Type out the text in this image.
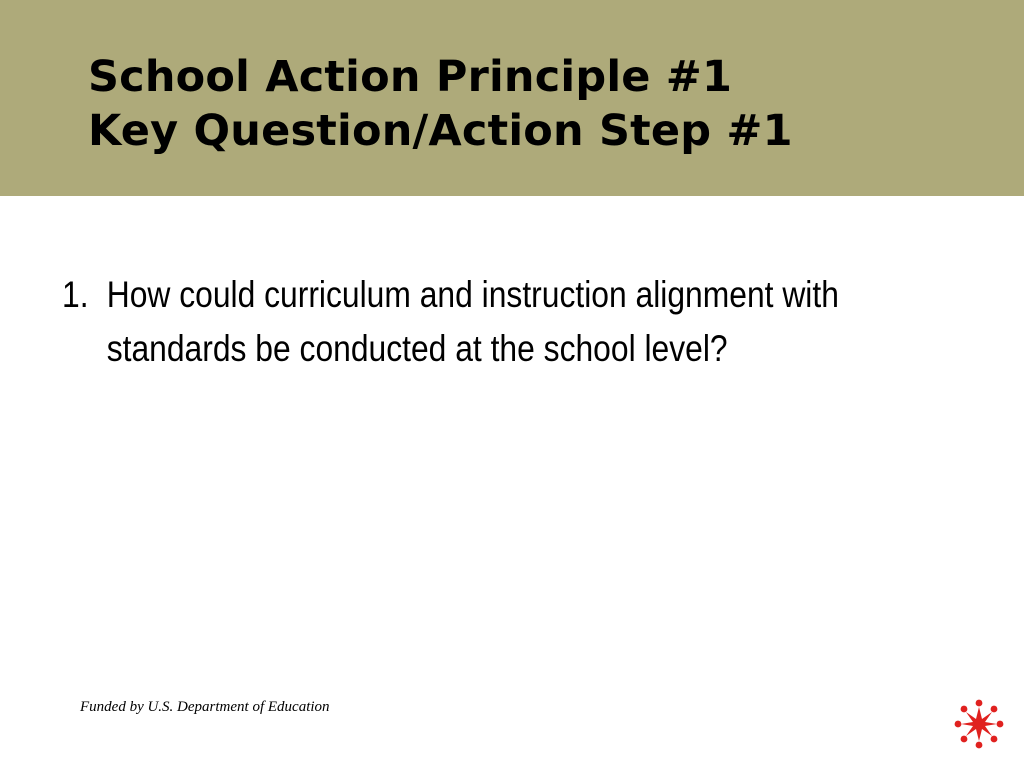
School Action Principle #1
Key Question/Action Step #1
1. How could curriculum and instruction alignment with standards be conducted at the school level?
Funded by U.S. Department of Education
